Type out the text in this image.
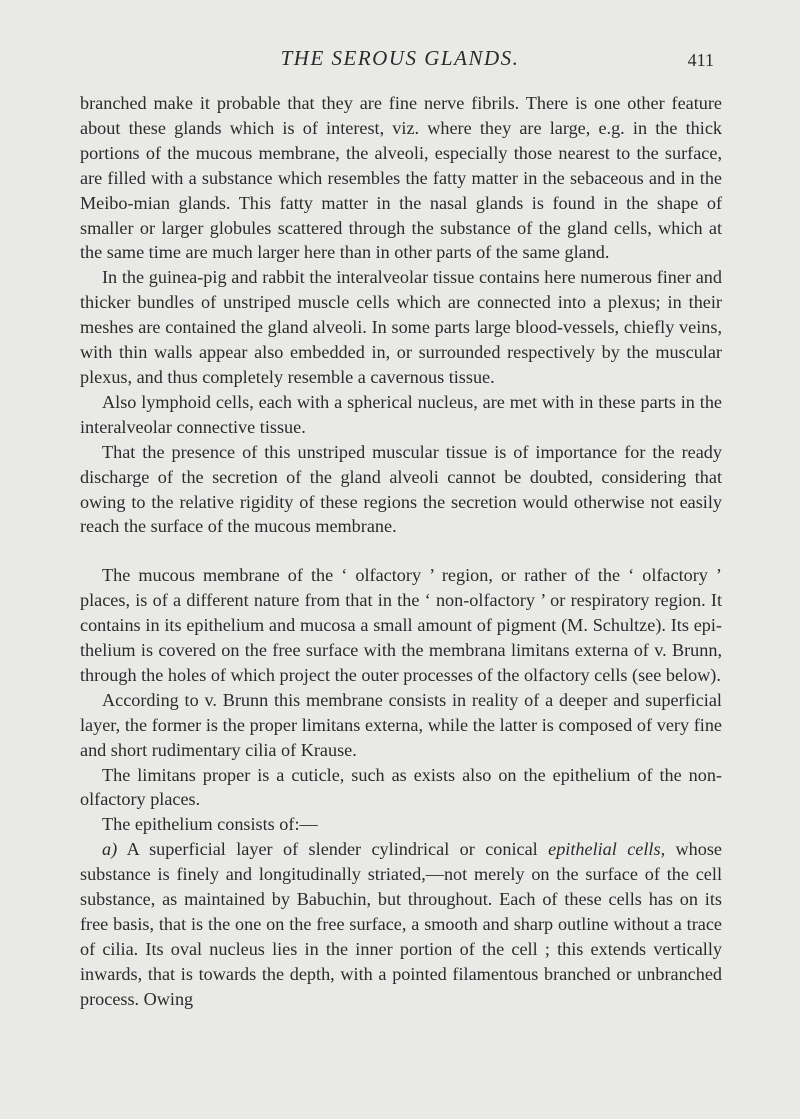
THE SEROUS GLANDS.	411

branched make it probable that they are fine nerve fibrils. There is one other feature about these glands which is of interest, viz. where they are large, e.g. in the thick portions of the mucous membrane, the alveoli, especially those nearest to the surface, are filled with a substance which resembles the fatty matter in the sebaceous and in the Meibo-mian glands. This fatty matter in the nasal glands is found in the shape of smaller or larger globules scattered through the substance of the gland cells, which at the same time are much larger here than in other parts of the same gland.

In the guinea-pig and rabbit the interalveolar tissue contains here numerous finer and thicker bundles of unstriped muscle cells which are connected into a plexus; in their meshes are contained the gland alveoli. In some parts large blood-vessels, chiefly veins, with thin walls appear also embedded in, or surrounded respectively by the muscular plexus, and thus completely resemble a cavernous tissue.

Also lymphoid cells, each with a spherical nucleus, are met with in these parts in the interalveolar connective tissue.

That the presence of this unstriped muscular tissue is of importance for the ready discharge of the secretion of the gland alveoli cannot be doubted, considering that owing to the relative rigidity of these regions the secretion would otherwise not easily reach the surface of the mucous membrane.

The mucous membrane of the ‘ olfactory ’ region, or rather of the ‘ olfactory ’ places, is of a different nature from that in the ‘ non-olfactory ’ or respiratory region. It contains in its epithelium and mucosa a small amount of pigment (M. Schultze). Its epi-thelium is covered on the free surface with the membrana limitans externa of v. Brunn, through the holes of which project the outer processes of the olfactory cells (see below).

According to v. Brunn this membrane consists in reality of a deeper and superficial layer, the former is the proper limitans externa, while the latter is composed of very fine and short rudimentary cilia of Krause.

The limitans proper is a cuticle, such as exists also on the epithelium of the non-olfactory places.

The epithelium consists of:—

a) A superficial layer of slender cylindrical or conical epithelial cells, whose substance is finely and longitudinally striated,—not merely on the surface of the cell substance, as maintained by Babuchin, but throughout. Each of these cells has on its free basis, that is the one on the free surface, a smooth and sharp outline without a trace of cilia. Its oval nucleus lies in the inner portion of the cell ; this extends vertically inwards, that is towards the depth, with a pointed filamentous branched or unbranched process. Owing
